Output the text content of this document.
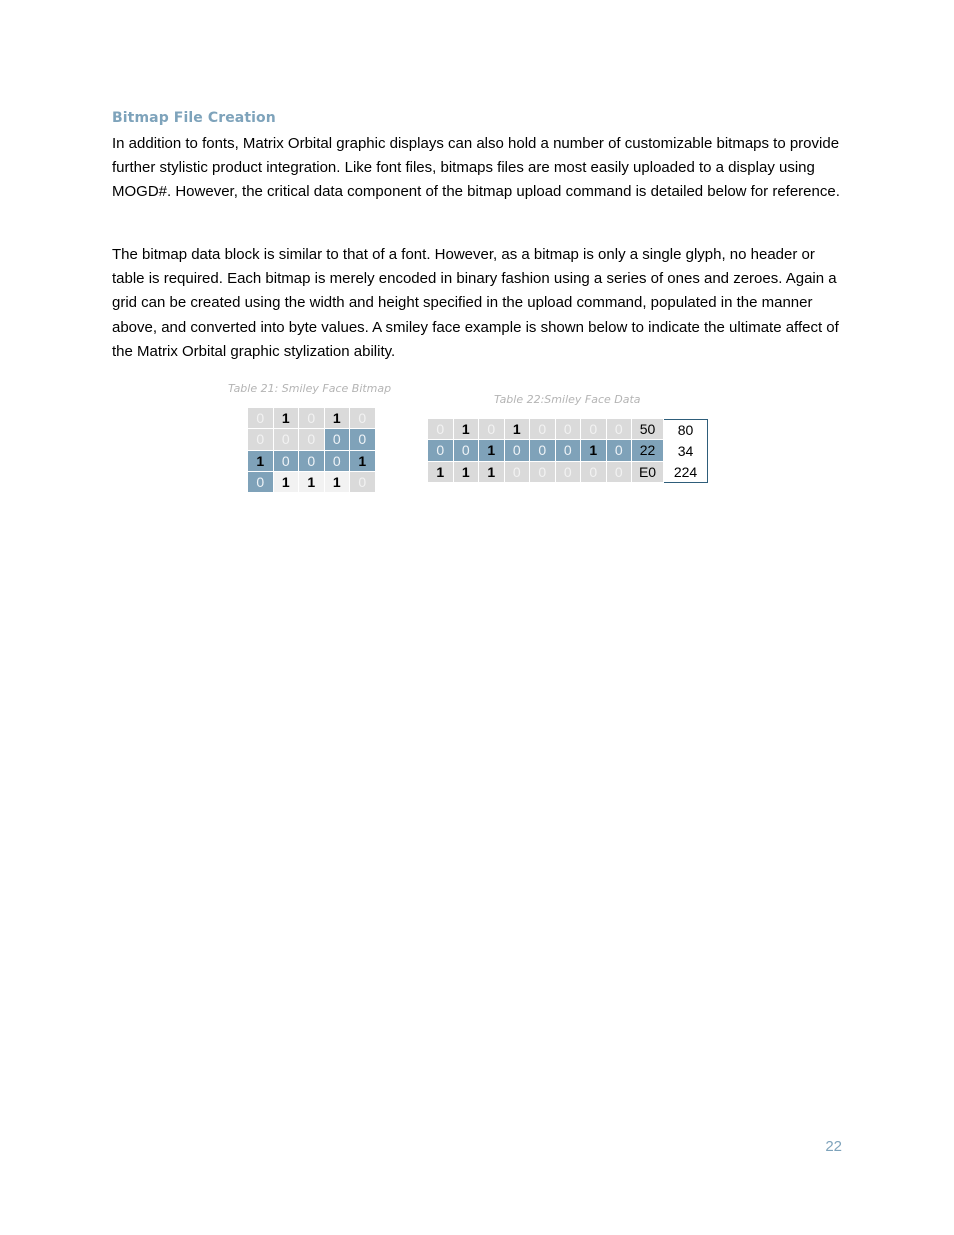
Bitmap File Creation

In addition to fonts, Matrix Orbital graphic displays can also hold a number of customizable bitmaps to provide further stylistic product integration. Like font files, bitmaps files are most easily uploaded to a display using MOGD#. However, the critical data component of the bitmap upload command is detailed below for reference.

The bitmap data block is similar to that of a font. However, as a bitmap is only a single glyph, no header or table is required. Each bitmap is merely encoded in binary fashion using a series of ones and zeroes. Again a grid can be created using the width and height specified in the upload command, populated in the manner above, and converted into byte values. A smiley face example is shown below to indicate the ultimate affect of the Matrix Orbital graphic stylization ability.

Table 21: Smiley Face Bitmap
Table 22:Smiley Face Data
0	1	0	1	0
0	0	0	0	0
1	0	0	0	1
0	1	1	1	0
0	1	0	1	0	0	0	0	50	80
0	0	1	0	0	0	1	0	22	34
1	1	1	0	0	0	0	0	E0	224
22
